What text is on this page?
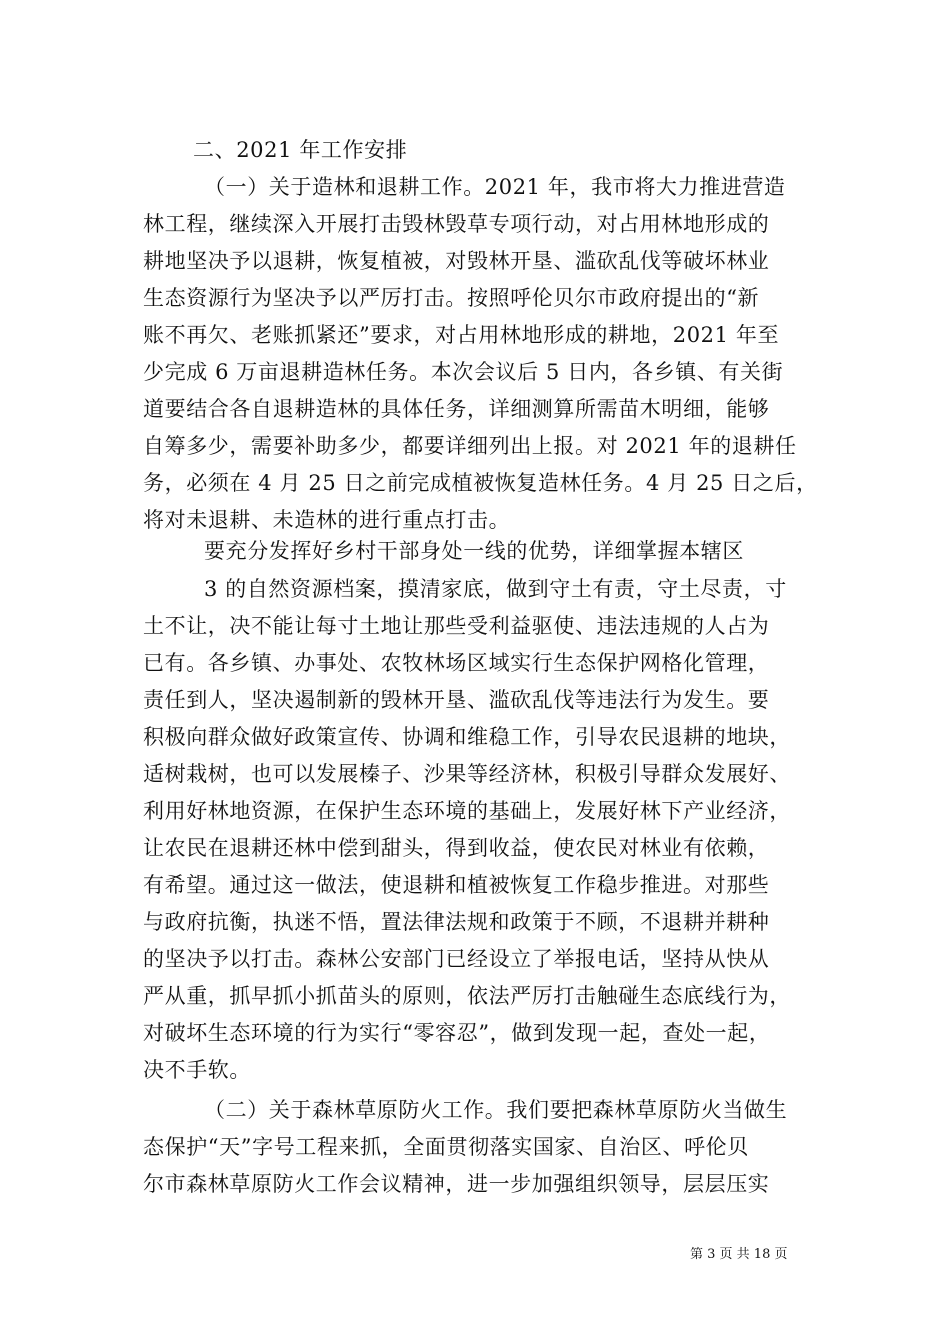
二、2021 年工作安排
（一）关于造林和退耕工作。2021 年，我市将大力推进营造
林工程，继续深入开展打击毁林毁草专项行动，对占用林地形成的
耕地坚决予以退耕，恢复植被，对毁林开垦、滥砍乱伐等破坏林业
生态资源行为坚决予以严厉打击。按照呼伦贝尔市政府提出的“新
账不再欠、老账抓紧还”要求，对占用林地形成的耕地，2021 年至
少完成 6 万亩退耕造林任务。本次会议后 5 日内，各乡镇、有关街
道要结合各自退耕造林的具体任务，详细测算所需苗木明细，能够
自筹多少，需要补助多少，都要详细列出上报。对 2021 年的退耕任
务，必须在 4 月 25 日之前完成植被恢复造林任务。4 月 25 日之后，
将对未退耕、未造林的进行重点打击。
要充分发挥好乡村干部身处一线的优势，详细掌握本辖区
3 的自然资源档案，摸清家底，做到守土有责，守土尽责，寸
土不让，决不能让每寸土地让那些受利益驱使、违法违规的人占为
已有。各乡镇、办事处、农牧林场区域实行生态保护网格化管理，
责任到人，坚决遏制新的毁林开垦、滥砍乱伐等违法行为发生。要
积极向群众做好政策宣传、协调和维稳工作，引导农民退耕的地块，
适树栽树，也可以发展榛子、沙果等经济林，积极引导群众发展好、
利用好林地资源，在保护生态环境的基础上，发展好林下产业经济，
让农民在退耕还林中偿到甜头，得到收益，使农民对林业有依赖，
有希望。通过这一做法，使退耕和植被恢复工作稳步推进。对那些
与政府抗衡，执迷不悟，置法律法规和政策于不顾，不退耕并耕种
的坚决予以打击。森林公安部门已经设立了举报电话，坚持从快从
严从重，抓早抓小抓苗头的原则，依法严厉打击触碰生态底线行为，
对破坏生态环境的行为实行“零容忍”，做到发现一起，查处一起，
决不手软。
（二）关于森林草原防火工作。我们要把森林草原防火当做生
态保护“天”字号工程来抓，全面贯彻落实国家、自治区、呼伦贝
尔市森林草原防火工作会议精神，进一步加强组织领导，层层压实
第 3 页 共 18 页
